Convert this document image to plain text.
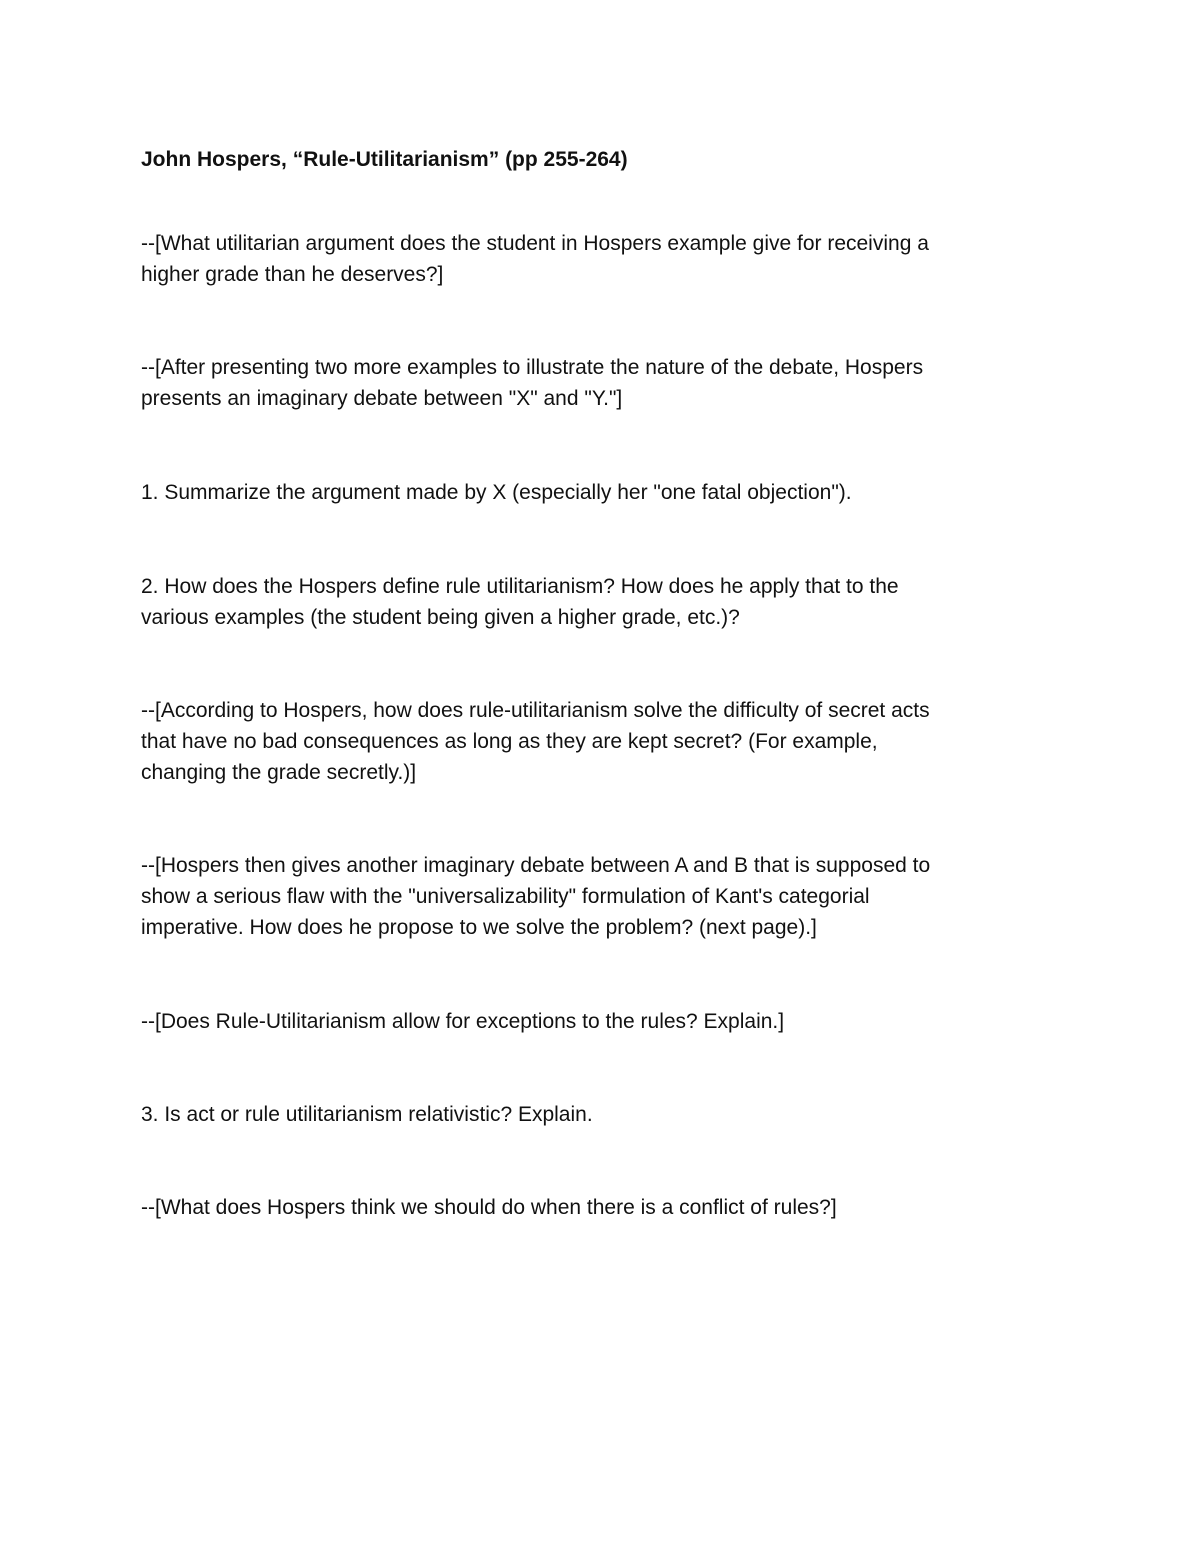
John Hospers, “Rule-Utilitarianism” (pp 255-264)
--[What utilitarian argument does the student in Hospers example give for receiving a
higher grade than he deserves?]
--[After presenting two more examples to illustrate the nature of the debate, Hospers
presents an imaginary debate between "X" and "Y."]
1. Summarize the argument made by X (especially her "one fatal objection").
2. How does the Hospers define rule utilitarianism? How does he apply that to the
various examples (the student being given a higher grade, etc.)?
--[According to Hospers, how does rule-utilitarianism solve the difficulty of secret acts
that have no bad consequences as long as they are kept secret? (For example,
changing the grade secretly.)]
--[Hospers then gives another imaginary debate between A and B that is supposed to
show a serious flaw with the "universalizability" formulation of Kant's categorial
imperative. How does he propose to we solve the problem? (next page).]
--[Does Rule-Utilitarianism allow for exceptions to the rules? Explain.]
3. Is act or rule utilitarianism relativistic? Explain.
--[What does Hospers think we should do when there is a conflict of rules?]
